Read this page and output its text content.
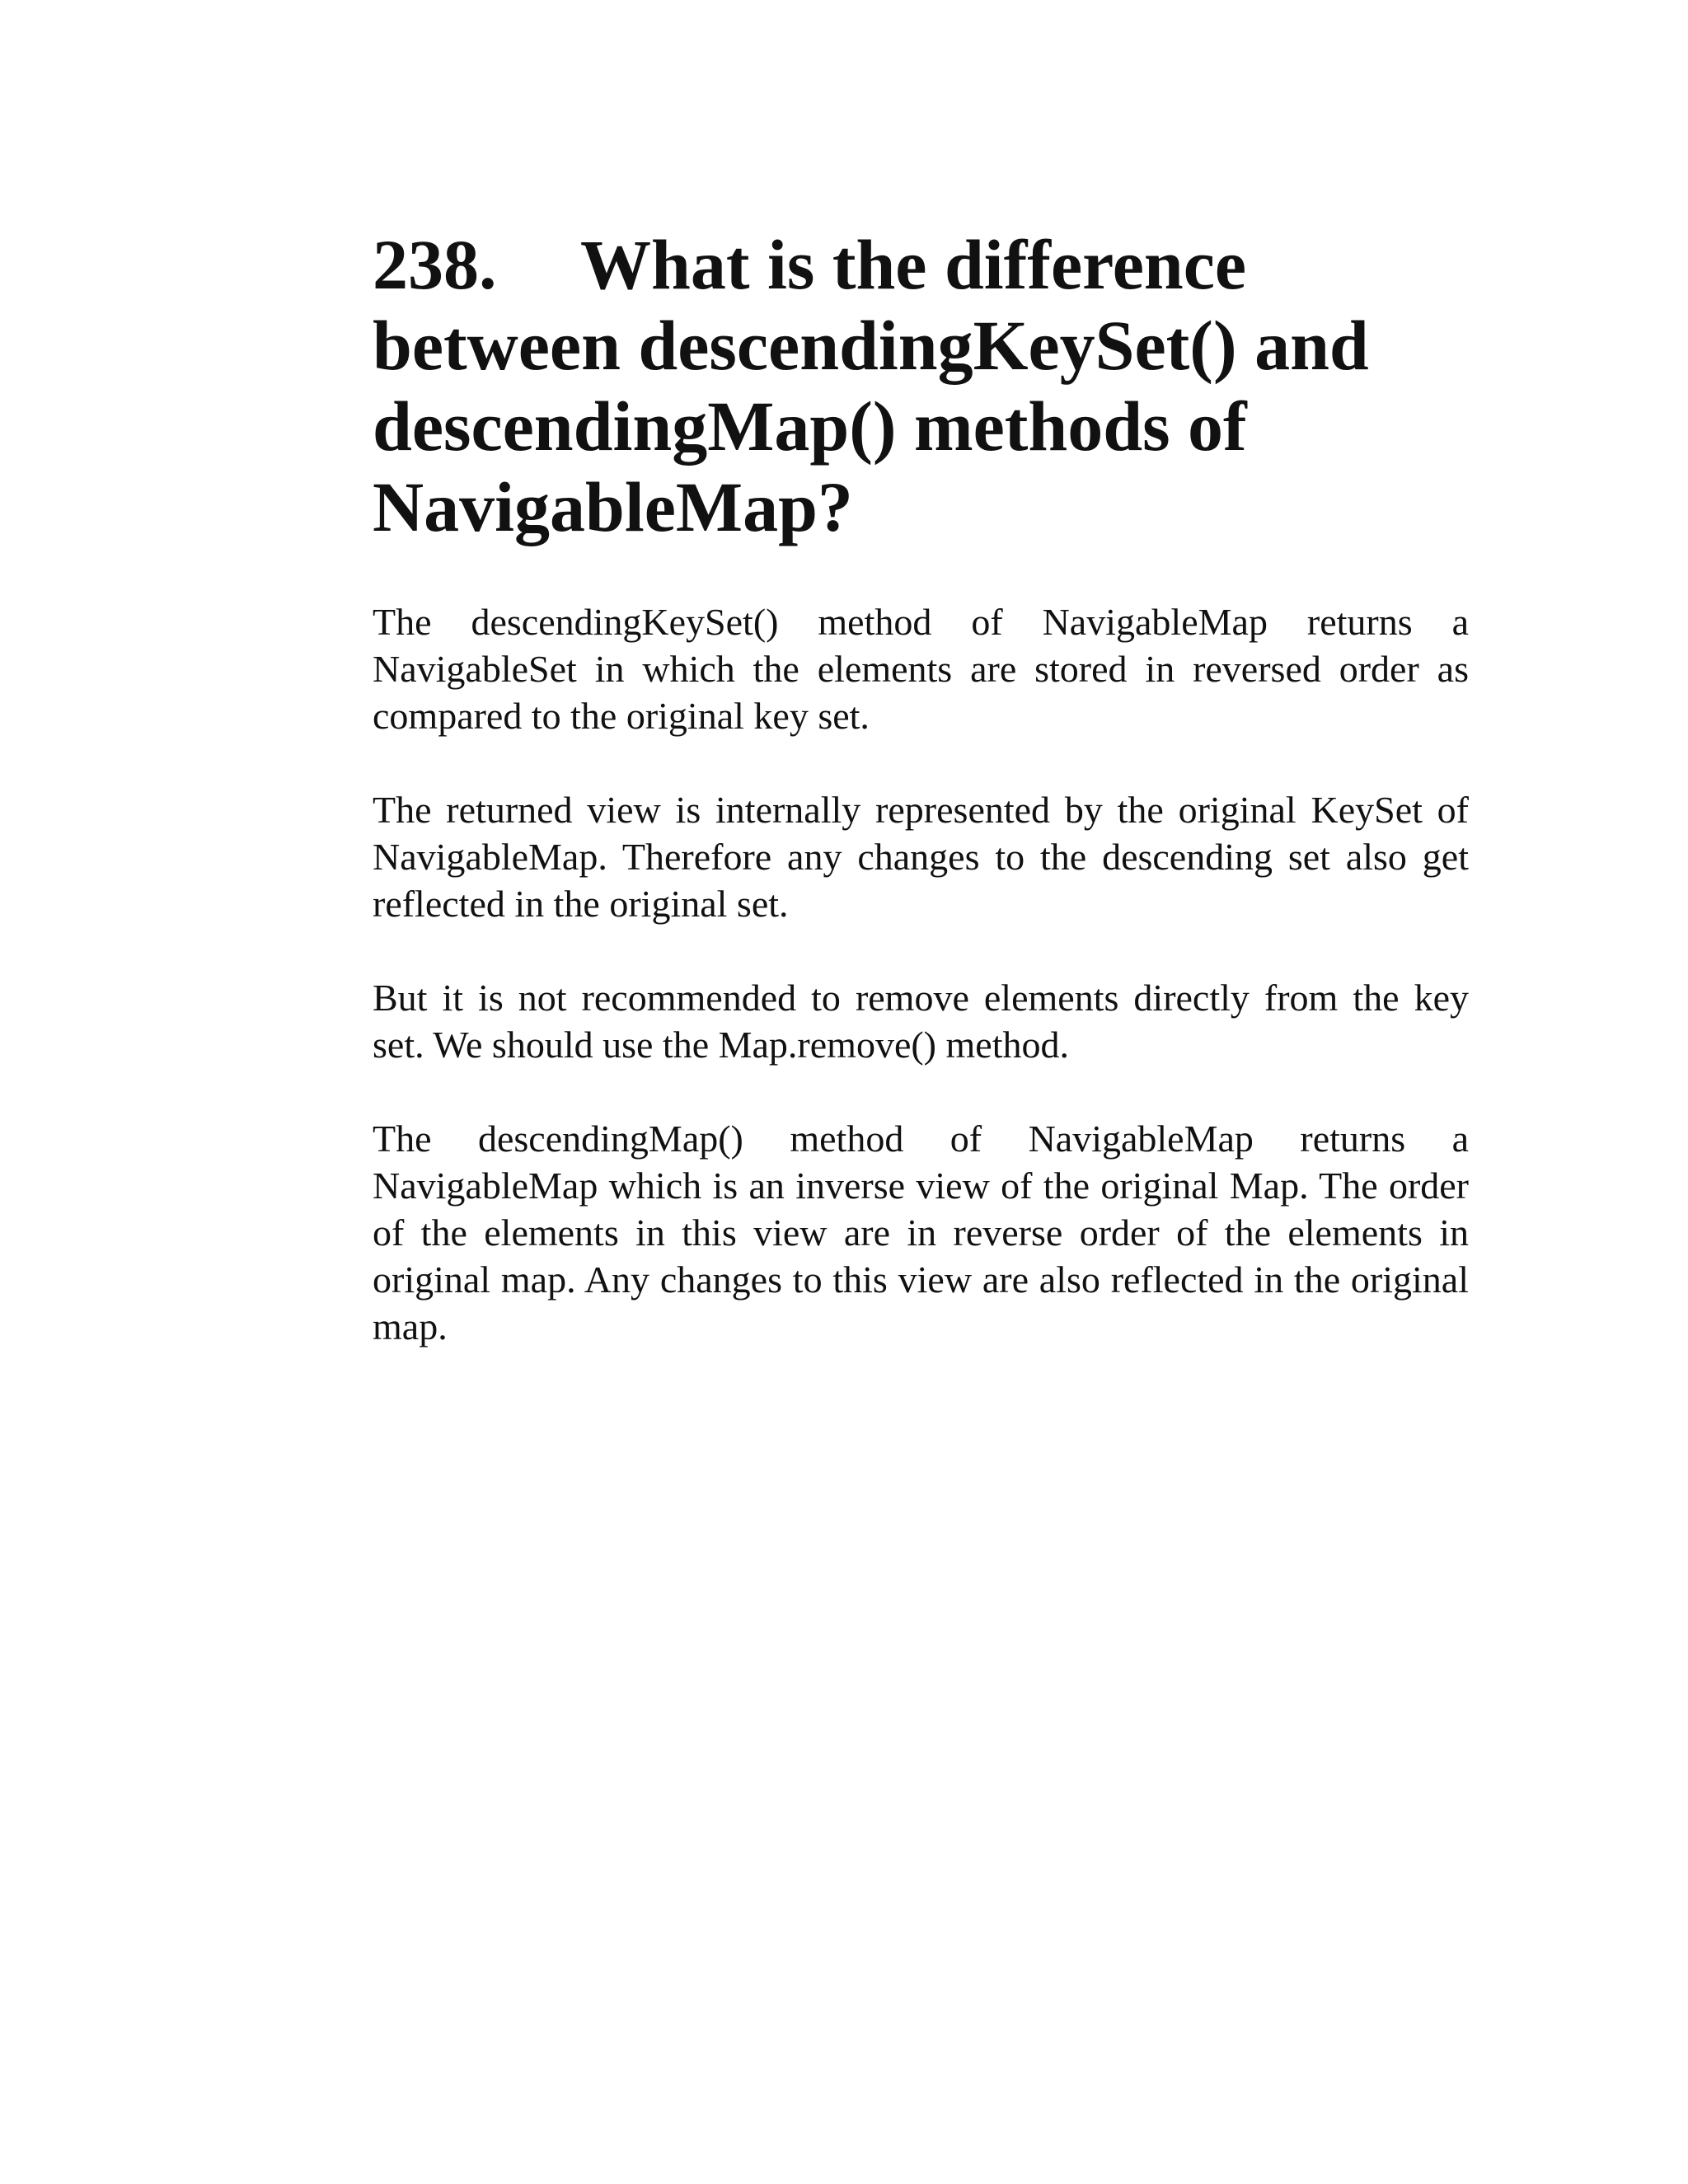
238. What is the difference between descendingKeySet() and descendingMap() methods of NavigableMap?

The descendingKeySet() method of NavigableMap returns a NavigableSet in which the elements are stored in reversed order as compared to the original key set.

The returned view is internally represented by the original KeySet of NavigableMap. Therefore any changes to the descending set also get reflected in the original set.

But it is not recommended to remove elements directly from the key set. We should use the Map.remove() method.

The descendingMap() method of NavigableMap returns a NavigableMap which is an inverse view of the original Map. The order of the elements in this view are in reverse order of the elements in original map. Any changes to this view are also reflected in the original map.
